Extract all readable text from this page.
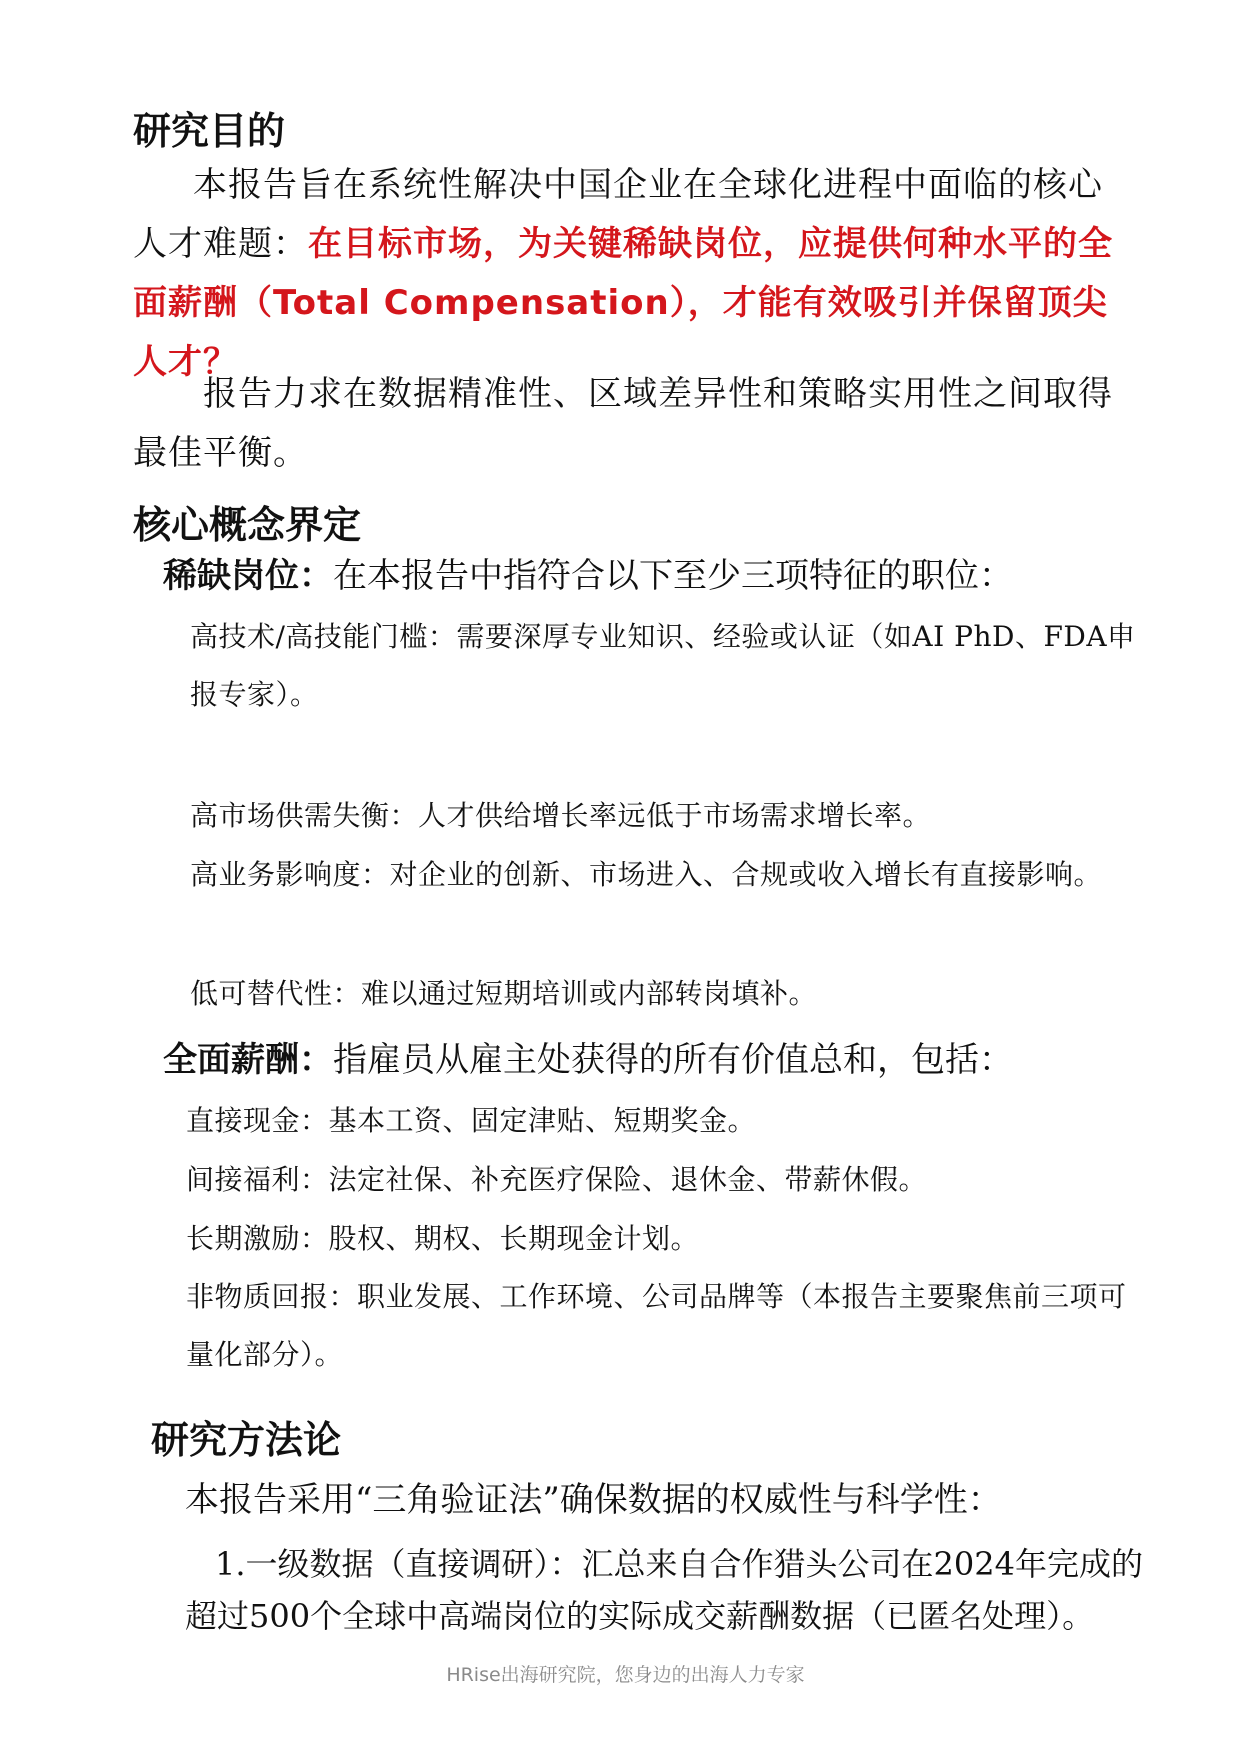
研究目的

本报告旨在系统性解决中国企业在全球化进程中面临的核心人才难题：在目标市场，为关键稀缺岗位，应提供何种水平的全面薪酬（Total Compensation），才能有效吸引并保留顶尖人才？

报告力求在数据精准性、区域差异性和策略实用性之间取得最佳平衡。

核心概念界定

稀缺岗位：在本报告中指符合以下至少三项特征的职位：

高技术/高技能门槛：需要深厚专业知识、经验或认证（如AI PhD、FDA申报专家）。

高市场供需失衡：人才供给增长率远低于市场需求增长率。

高业务影响度：对企业的创新、市场进入、合规或收入增长有直接影响。

低可替代性：难以通过短期培训或内部转岗填补。

全面薪酬：指雇员从雇主处获得的所有价值总和，包括：

直接现金：基本工资、固定津贴、短期奖金。

间接福利：法定社保、补充医疗保险、退休金、带薪休假。

长期激励：股权、期权、长期现金计划。

非物质回报：职业发展、工作环境、公司品牌等（本报告主要聚焦前三项可量化部分）。

研究方法论

本报告采用“三角验证法”确保数据的权威性与科学性：

1.一级数据（直接调研）：汇总来自合作猎头公司在2024年完成的超过500个全球中高端岗位的实际成交薪酬数据（已匿名处理）。

HRise出海研究院，您身边的出海人力专家
